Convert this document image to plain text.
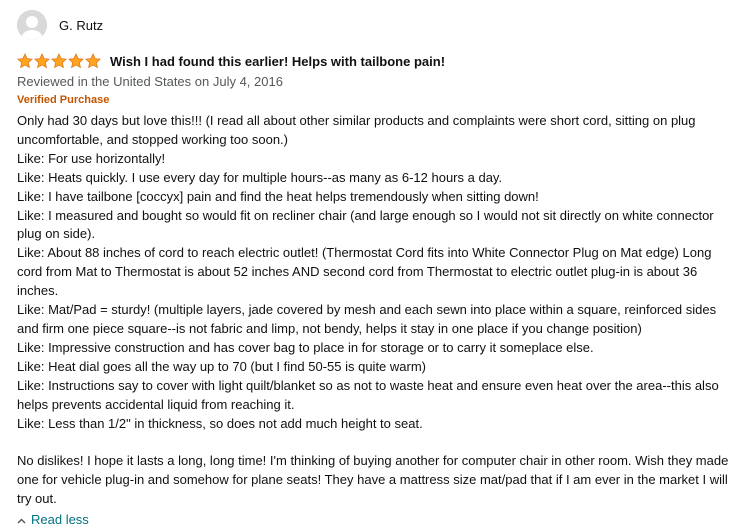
G. Rutz
Wish I had found this earlier! Helps with tailbone pain!
Reviewed in the United States on July 4, 2016
Verified Purchase

Only had 30 days but love this!!! (I read all about other similar products and complaints were short cord, sitting on plug uncomfortable, and stopped working too soon.)

Like: For use horizontally!

Like: Heats quickly. I use every day for multiple hours--as many as 6-12 hours a day.

Like: I have tailbone [coccyx] pain and find the heat helps tremendously when sitting down!

Like: I measured and bought so would fit on recliner chair (and large enough so I would not sit directly on white connector plug on side).

Like: About 88 inches of cord to reach electric outlet! (Thermostat Cord fits into White Connector Plug on Mat edge) Long cord from Mat to Thermostat is about 52 inches AND second cord from Thermostat to electric outlet plug-in is about 36 inches.

Like: Mat/Pad = sturdy! (multiple layers, jade covered by mesh and each sewn into place within a square, reinforced sides and firm one piece square--is not fabric and limp, not bendy, helps it stay in one place if you change position)

Like: Impressive construction and has cover bag to place in for storage or to carry it someplace else.

Like: Heat dial goes all the way up to 70 (but I find 50-55 is quite warm)

Like: Instructions say to cover with light quilt/blanket so as not to waste heat and ensure even heat over the area--this also helps prevents accidental liquid from reaching it.

Like: Less than 1/2" in thickness, so does not add much height to seat.

No dislikes! I hope it lasts a long, long time! I'm thinking of buying another for computer chair in other room. Wish they made one for vehicle plug-in and somehow for plane seats! They have a mattress size mat/pad that if I am ever in the market I will try out.

Read less
